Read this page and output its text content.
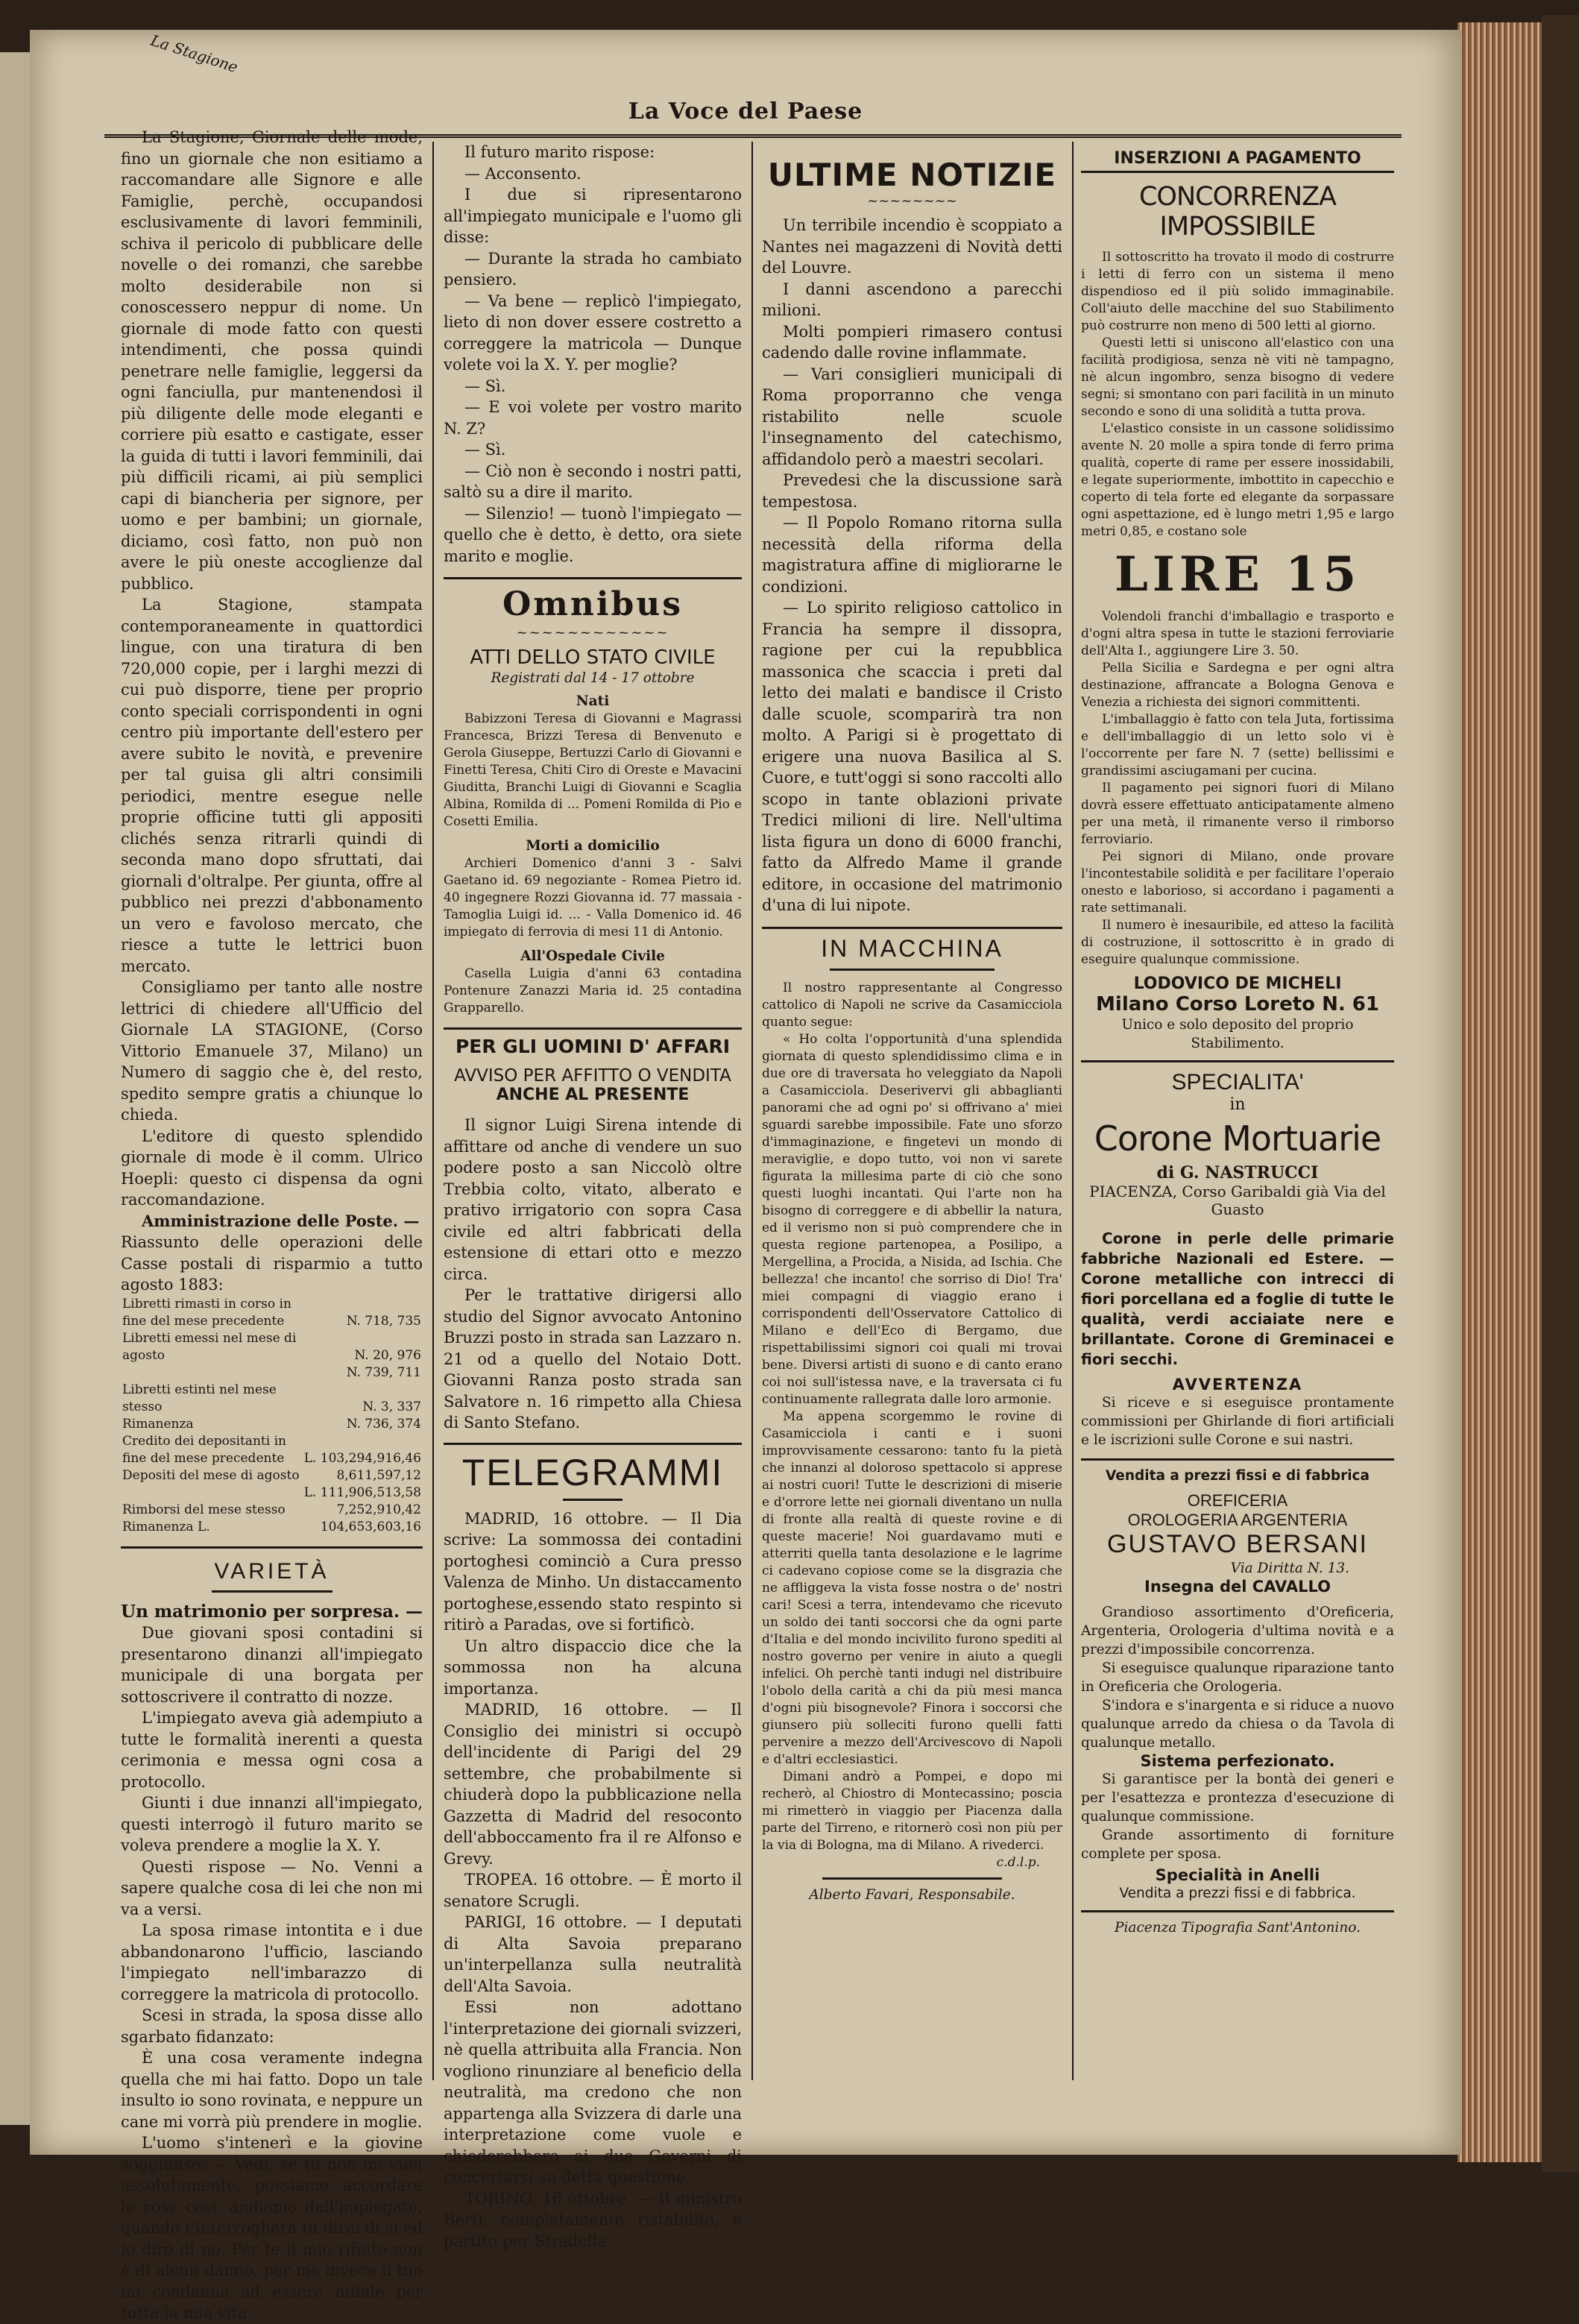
La Stagione
La Voce del Paese

La Stagione, Giornale delle mode, fino un giornale che non esitiamo a raccomandare alle Signore e alle Famiglie, perchè, occupandosi esclusivamente di lavori femminili, schiva il pericolo di pubblicare delle novelle o dei romanzi, che sarebbe molto desiderabile non si conoscessero neppur di nome. Un giornale di mode fatto con questi intendimenti, che possa quindi penetrare nelle famiglie, leggersi da ogni fanciulla, pur mantenendosi il più diligente delle mode eleganti e corriere più esatto e castigate, esser la guida di tutti i lavori femminili, dai più difficili ricami, ai più semplici capi di biancheria per signore, per uomo e per bambini; un giornale, diciamo, così fatto, non può non avere le più oneste accoglienze dal pubblico.

La Stagione, stampata contemporaneamente in quattordici lingue, con una tiratura di ben 720,000 copie, per i larghi mezzi di cui può disporre, tiene per proprio conto speciali corrispondenti in ogni centro più importante dell'estero per avere subito le novità, e prevenire per tal guisa gli altri consimili periodici, mentre esegue nelle proprie officine tutti gli appositi clichés senza ritrarli quindi di seconda mano dopo sfruttati, dai giornali d'oltralpe. Per giunta, offre al pubblico nei prezzi d'abbonamento un vero e favoloso mercato, che riesce a tutte le lettrici buon mercato.

Consigliamo per tanto alle nostre lettrici di chiedere all'Ufficio del Giornale LA STAGIONE, (Corso Vittorio Emanuele 37, Milano) un Numero di saggio che è, del resto, spedito sempre gratis a chiunque lo chieda.

L'editore di questo splendido giornale di mode è il comm. Ulrico Hoepli: questo ci dispensa da ogni raccomandazione.

Amministrazione delle Poste. —

Riassunto delle operazioni delle Casse postali di risparmio a tutto agosto 1883:

Libretti rimasti in corso in fine del mese precedente	N. 718, 735
Libretti emessi nel mese di agosto	N. 20, 976
	N. 739, 711
Libretti estinti nel mese stesso	N. 3, 337
Rimanenza	N. 736, 374
Credito dei depositanti in fine del mese precedente	L. 103,294,916,46
Depositi del mese di agosto	8,611,597,12
	L. 111,906,513,58
Rimborsi del mese stesso	7,252,910,42
Rimanenza L.	104,653,603,16
VARIETÀ

Un matrimonio per sorpresa. —

Due giovani sposi contadini si presentarono dinanzi all'impiegato municipale di una borgata per sottoscrivere il contratto di nozze.

L'impiegato aveva già adempiuto a tutte le formalità inerenti a questa cerimonia e messa ogni cosa a protocollo.

Giunti i due innanzi all'impiegato, questi interrogò il futuro marito se voleva prendere a moglie la X. Y.

Questi rispose — No. Venni a sapere qualche cosa di lei che non mi va a versi.

La sposa rimase intontita e i due abbandonarono l'ufficio, lasciando l'impiegato nell'imbarazzo di correggere la matricola di protocollo.

Scesi in strada, la sposa disse allo sgarbato fidanzato:

È una cosa veramente indegna quella che mi hai fatto. Dopo un tale insulto io sono rovinata, e neppure un cane mi vorrà più prendere in moglie.

L'uomo s'intenerì e la giovine soggiunse: — Vedi, se tu non mi vuoi assolutamente, possiamo accordare le cose così: andiamo dall'impiegato, quando t'interrogherà tu dirai di sì ed io dirò di no. Per te il mio rifiuto non è di alcun danno, per me invece il tuo mi condanna ad essere nubile per tutta la mia vita.

Il futuro marito rispose:

— Acconsento.

I due si ripresentarono all'impiegato municipale e l'uomo gli disse:

— Durante la strada ho cambiato pensiero.

— Va bene — replicò l'impiegato, lieto di non dover essere costretto a correggere la matricola — Dunque volete voi la X. Y. per moglie?

— Sì.

— E voi volete per vostro marito N. Z?

— Sì.

— Ciò non è secondo i nostri patti, saltò su a dire il marito.

— Silenzio! — tuonò l'impiegato — quello che è detto, è detto, ora siete marito e moglie.

Omnibus
~~~~~~~~~~~~
ATTI DELLO STATO CIVILE
Registrati dal 14 - 17 ottobre
Nati

Babizzoni Teresa di Giovanni e Magrassi Francesca, Brizzi Teresa di Benvenuto e Gerola Giuseppe, Bertuzzi Carlo di Giovanni e Finetti Teresa, Chiti Ciro di Oreste e Mavacini Giuditta, Branchi Luigi di Giovanni e Scaglia Albina, Romilda di ... Pomeni Romilda di Pio e Cosetti Emilia.

Morti a domicilio

Archieri Domenico d'anni 3 - Salvi Gaetano id. 69 negoziante - Romea Pietro id. 40 ingegnere Rozzi Giovanna id. 77 massaia - Tamoglia Luigi id. ... - Valla Domenico id. 46 impiegato di ferrovia di mesi 11 di Antonio.

All'Ospedale Civile

Casella Luigia d'anni 63 contadina Pontenure Zanazzi Maria id. 25 contadina Grapparello.

PER GLI UOMINI D' AFFARI
AVVISO PER AFFITTO O VENDITA
ANCHE AL PRESENTE

Il signor Luigi Sirena intende di affittare od anche di vendere un suo podere posto a san Niccolò oltre Trebbia colto, vitato, alberato e prativo irrigatorio con sopra Casa civile ed altri fabbricati della estensione di ettari otto e mezzo circa.

Per le trattative dirigersi allo studio del Signor avvocato Antonino Bruzzi posto in strada san Lazzaro n. 21 od a quello del Notaio Dott. Giovanni Ranza posto strada san Salvatore n. 16 rimpetto alla Chiesa di Santo Stefano.

TELEGRAMMI

MADRID, 16 ottobre. — Il Dia scrive: La sommossa dei contadini portoghesi cominciò a Cura presso Valenza de Minho. Un distaccamento portoghese,essendo stato respinto si ritirò a Paradas, ove si fortificò.

Un altro dispaccio dice che la sommossa non ha alcuna importanza.

MADRID, 16 ottobre. — Il Consiglio dei ministri si occupò dell'incidente di Parigi del 29 settembre, che probabilmente si chiuderà dopo la pubblicazione nella Gazzetta di Madrid del resoconto dell'abboccamento fra il re Alfonso e Grevy.

TROPEA. 16 ottobre. — È morto il senatore Scrugli.

PARIGI, 16 ottobre. — I deputati di Alta Savoia preparano un'interpellanza sulla neutralità dell'Alta Savoia.

Essi non adottano l'interpretazione dei giornali svizzeri, nè quella attribuita alla Francia. Non vogliono rinunziare al beneficio della neutralità, ma credono che non appartenga alla Svizzera di darle una interpretazione come vuole e chiederebbero ai due Governi di concertarsi su detta questione.

TORINO, 16 ottobre. — Il ministro Berti, completamente ristabilito, è partito per Stradella.

ULTIME NOTIZIE
~~~~~~~~

Un terribile incendio è scoppiato a Nantes nei magazzeni di Novità detti del Louvre.

I danni ascendono a parecchi milioni.

Molti pompieri rimasero contusi cadendo dalle rovine inflammate.

— Vari consiglieri municipali di Roma proporranno che venga ristabilito nelle scuole l'insegnamento del catechismo, affidandolo però a maestri secolari.

Prevedesi che la discussione sarà tempestosa.

— Il Popolo Romano ritorna sulla necessità della riforma della magistratura affine di migliorarne le condizioni.

— Lo spirito religioso cattolico in Francia ha sempre il dissopra, ragione per cui la repubblica massonica che scaccia i preti dal letto dei malati e bandisce il Cristo dalle scuole, scomparirà tra non molto. A Parigi si è progettato di erigere una nuova Basilica al S. Cuore, e tutt'oggi si sono raccolti allo scopo in tante oblazioni private Tredici milioni di lire. Nell'ultima lista figura un dono di 6000 franchi, fatto da Alfredo Mame il grande editore, in occasione del matrimonio d'una di lui nipote.

IN MACCHINA

Il nostro rappresentante al Congresso cattolico di Napoli ne scrive da Casamicciola quanto segue:

« Ho colta l'opportunità d'una splendida giornata di questo splendidissimo clima e in due ore di traversata ho veleggiato da Napoli a Casamicciola. Deserivervi gli abbaglianti panorami che ad ogni po' si offrivano a' miei sguardi sarebbe impossibile. Fate uno sforzo d'immaginazione, e fingetevi un mondo di meraviglie, e dopo tutto, voi non vi sarete figurata la millesima parte di ciò che sono questi luoghi incantati. Qui l'arte non ha bisogno di correggere e di abbellir la natura, ed il verismo non si può comprendere che in questa regione partenopea, a Posilipo, a Mergellina, a Procida, a Nisida, ad Ischia. Che bellezza! che incanto! che sorriso di Dio! Tra' miei compagni di viaggio erano i corrispondenti dell'Osservatore Cattolico di Milano e dell'Eco di Bergamo, due rispettabilissimi signori coi quali mi trovai bene. Diversi artisti di suono e di canto erano coi noi sull'istessa nave, e la traversata ci fu continuamente rallegrata dalle loro armonie.

Ma appena scorgemmo le rovine di Casamicciola i canti e i suoni improvvisamente cessarono: tanto fu la pietà che innanzi al doloroso spettacolo si apprese ai nostri cuori! Tutte le descrizioni di miserie e d'orrore lette nei giornali diventano un nulla di fronte alla realtà di queste rovine e di queste macerie! Noi guardavamo muti e atterriti quella tanta desolazione e le lagrime ci cadevano copiose come se la disgrazia che ne affliggeva la vista fosse nostra o de' nostri cari! Scesi a terra, intendevamo che ricevuto un soldo dei tanti soccorsi che da ogni parte d'Italia e del mondo incivilito furono spediti al nostro governo per venire in aiuto a quegli infelici. Oh perchè tanti indugi nel distribuire l'obolo della carità a chi da più mesi manca d'ogni più bisognevole? Finora i soccorsi che giunsero più solleciti furono quelli fatti pervenire a mezzo dell'Arcivescovo di Napoli e d'altri ecclesiastici.

Dimani andrò a Pompei, e dopo mi recherò, al Chiostro di Montecassino; poscia mi rimetterò in viaggio per Piacenza dalla parte del Tirreno, e ritornerò così non più per la via di Bologna, ma di Milano. A rivederci.

c.d.l.p.
Alberto Favari, Responsabile.
INSERZIONI A PAGAMENTO
CONCORRENZA IMPOSSIBILE

Il sottoscritto ha trovato il modo di costrurre i letti di ferro con un sistema il meno dispendioso ed il più solido immaginabile. Coll'aiuto delle macchine del suo Stabilimento può costrurre non meno di 500 letti al giorno.

Questi letti si uniscono all'elastico con una facilità prodigiosa, senza nè viti nè tampagno, nè alcun ingombro, senza bisogno di vedere segni; si smontano con pari facilità in un minuto secondo e sono di una solidità a tutta prova.

L'elastico consiste in un cassone solidissimo avente N. 20 molle a spira tonde di ferro prima qualità, coperte di rame per essere inossidabili, e legate superiormente, imbottito in capecchio e coperto di tela forte ed elegante da sorpassare ogni aspettazione, ed è lungo metri 1,95 e largo metri 0,85, e costano sole

LIRE 15

Volendoli franchi d'imballagio e trasporto e d'ogni altra spesa in tutte le stazioni ferroviarie dell'Alta I., aggiungere Lire 3. 50.

Pella Sicilia e Sardegna e per ogni altra destinazione, affrancate a Bologna Genova e Venezia a richiesta dei signori committenti.

L'imballaggio è fatto con tela Juta, fortissima e dell'imballaggio di un letto solo vi è l'occorrente per fare N. 7 (sette) bellissimi e grandissimi asciugamani per cucina.

Il pagamento pei signori fuori di Milano dovrà essere effettuato anticipatamente almeno per una metà, il rimanente verso il rimborso ferroviario.

Pei signori di Milano, onde provare l'incontestabile solidità e per facilitare l'operaio onesto e laborioso, si accordano i pagamenti a rate settimanali.

Il numero è inesauribile, ed atteso la facilità di costruzione, il sottoscritto è in grado di eseguire qualunque commissione.

LODOVICO DE MICHELI
Milano Corso Loreto N. 61
Unico e solo deposito del proprio Stabilimento.
SPECIALITA'
in
Corone Mortuarie
di G. NASTRUCCI
PIACENZA, Corso Garibaldi già Via del Guasto

Corone in perle delle primarie fabbriche Nazionali ed Estere. — Corone metalliche con intrecci di fiori porcellana ed a foglie di tutte le qualità, verdi acciaiate nere e brillantate. Corone di Greminacei e fiori secchi.

AVVERTENZA

Si riceve e si eseguisce prontamente commissioni per Ghirlande di fiori artificiali e le iscrizioni sulle Corone e sui nastri.

Vendita a prezzi fissi e di fabbrica
OREFICERIA
OROLOGERIA ARGENTERIA
GUSTAVO BERSANI
Via Diritta N. 13.
Insegna del CAVALLO

Grandioso assortimento d'Oreficeria, Argenteria, Orologeria d'ultima novità e a prezzi d'impossibile concorrenza.

Si eseguisce qualunque riparazione tanto in Oreficeria che Orologeria.

S'indora e s'inargenta e si riduce a nuovo qualunque arredo da chiesa o da Tavola di qualunque metallo.

Sistema perfezionato.

Si garantisce per la bontà dei generi e per l'esattezza e prontezza d'esecuzione di qualunque commissione.

Grande assortimento di forniture complete per sposa.

Specialità in Anelli
Vendita a prezzi fissi e di fabbrica.
Piacenza Tipografia Sant'Antonino.
